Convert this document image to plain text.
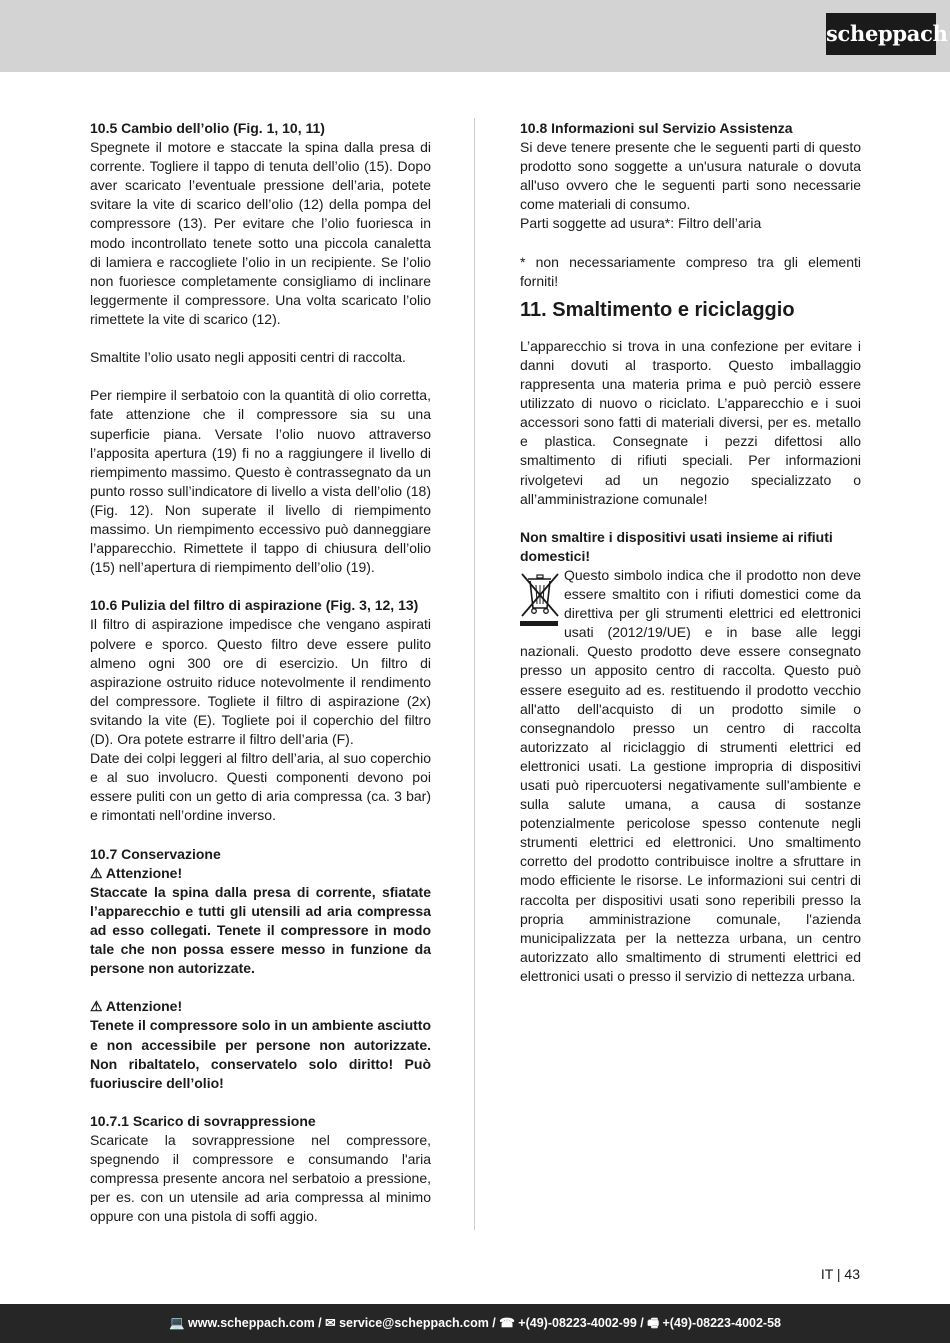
scheppach

10.5 Cambio dell’olio (Fig. 1, 10, 11)

Spegnete il motore e staccate la spina dalla presa di corrente. Togliere il tappo di tenuta dell’olio (15). Dopo aver scaricato l’eventuale pressione dell’aria, potete svitare la vite di scarico dell’olio (12) della pompa del compressore (13). Per evitare che l’olio fuoriesca in modo incontrollato tenete sotto una piccola canaletta di lamiera e raccogliete l’olio in un recipiente. Se l’olio non fuoriesce completamente consigliamo di inclinare leggermente il compressore. Una volta scaricato l’olio rimettete la vite di scarico (12).

Smaltite l’olio usato negli appositi centri di raccolta.

Per riempire il serbatoio con la quantità di olio corretta, fate attenzione che il compressore sia su una superficie piana. Versate l’olio nuovo attraverso l’apposita apertura (19) fi no a raggiungere il livello di riempimento massimo. Questo è contrassegnato da un punto rosso sull’indicatore di livello a vista dell’olio (18) (Fig. 12). Non superate il livello di riempimento massimo. Un riempimento eccessivo può danneggiare l’apparecchio. Rimettete il tappo di chiusura dell’olio (15) nell’apertura di riempimento dell’olio (19).

10.6 Pulizia del filtro di aspirazione (Fig. 3, 12, 13)

Il filtro di aspirazione impedisce che vengano aspirati polvere e sporco. Questo filtro deve essere pulito almeno ogni 300 ore di esercizio. Un filtro di aspirazione ostruito riduce notevolmente il rendimento del compressore. Togliete il filtro di aspirazione (2x) svitando la vite (E). Togliete poi il coperchio del filtro (D). Ora potete estrarre il filtro dell’aria (F).

Date dei colpi leggeri al filtro dell’aria, al suo coperchio e al suo involucro. Questi componenti devono poi essere puliti con un getto di aria compressa (ca. 3 bar) e rimontati nell’ordine inverso.

10.7 Conservazione

⚠ Attenzione!

Staccate la spina dalla presa di corrente, sfiatate l’apparecchio e tutti gli utensili ad aria compressa ad esso collegati. Tenete il compressore in modo tale che non possa essere messo in funzione da persone non autorizzate.

⚠ Attenzione!

Tenete il compressore solo in un ambiente asciutto e non accessibile per persone non autorizzate. Non ribaltatelo, conservatelo solo diritto! Può fuoriuscire dell’olio!

10.7.1 Scarico di sovrappressione

Scaricate la sovrappressione nel compressore, spegnendo il compressore e consumando l'aria compressa presente ancora nel serbatoio a pressione, per es. con un utensile ad aria compressa al minimo oppure con una pistola di soffi aggio.

10.8 Informazioni sul Servizio Assistenza

Si deve tenere presente che le seguenti parti di questo prodotto sono soggette a un'usura naturale o dovuta all'uso ovvero che le seguenti parti sono necessarie come materiali di consumo.

Parti soggette ad usura*: Filtro dell’aria

* non necessariamente compreso tra gli elementi forniti!

11. Smaltimento e riciclaggio

L’apparecchio si trova in una confezione per evitare i danni dovuti al trasporto. Questo imballaggio rappresenta una materia prima e può perciò essere utilizzato di nuovo o riciclato. L’apparecchio e i suoi accessori sono fatti di materiali diversi, per es. metallo e plastica. Consegnate i pezzi difettosi allo smaltimento di rifiuti speciali. Per informazioni rivolgetevi ad un negozio specializzato o all’amministrazione comunale!

Non smaltire i dispositivi usati insieme ai rifiuti domestici!

Questo simbolo indica che il prodotto non deve essere smaltito con i rifiuti domestici come da direttiva per gli strumenti elettrici ed elettronici usati (2012/19/UE) e in base alle leggi nazionali. Questo prodotto deve essere consegnato presso un apposito centro di raccolta. Questo può essere eseguito ad es. restituendo il prodotto vecchio all'atto dell'acquisto di un prodotto simile o consegnandolo presso un centro di raccolta autorizzato al riciclaggio di strumenti elettrici ed elettronici usati. La gestione impropria di dispositivi usati può ripercuotersi negativamente sull'ambiente e sulla salute umana, a causa di sostanze potenzialmente pericolose spesso contenute negli strumenti elettrici ed elettronici. Uno smaltimento corretto del prodotto contribuisce inoltre a sfruttare in modo efficiente le risorse. Le informazioni sui centri di raccolta per dispositivi usati sono reperibili presso la propria amministrazione comunale, l'azienda municipalizzata per la nettezza urbana, un centro autorizzato allo smaltimento di strumenti elettrici ed elettronici usati o presso il servizio di nettezza urbana.

IT | 43
💻 www.scheppach.com / ✉ service@scheppach.com / ☎ +(49)-08223-4002-99 / 🖷 +(49)-08223-4002-58
